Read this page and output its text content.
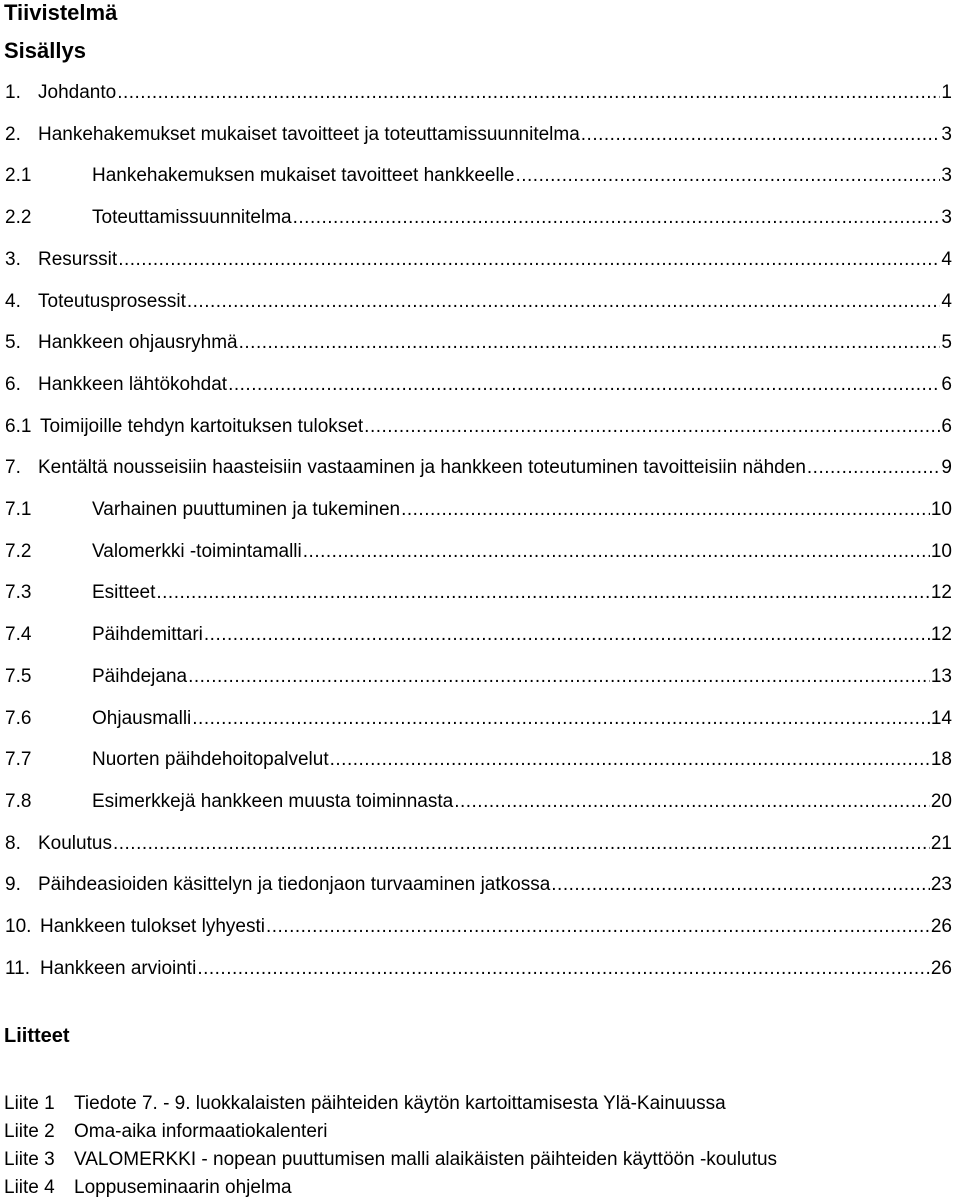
Tiivistelmä
Sisällys
1. Johdanto .....	1
2. Hankehakemukset mukaiset tavoitteet ja toteuttamissuunnitelma .....	3
2.1	Hankehakemuksen mukaiset tavoitteet hankkeelle .....	3
2.2	Toteuttamissuunnitelma .....	3
3. Resurssit .....	4
4. Toteutusprosessit .....	4
5. Hankkeen ohjausryhmä .....	5
6. Hankkeen lähtökohdat .....	6
6.1 Toimijoille tehdyn kartoituksen tulokset .....	6
7. Kentältä nousseisiin haasteisiin vastaaminen ja hankkeen toteutuminen tavoitteisiin nähden .....	9
7.1	Varhainen puuttuminen ja tukeminen .....	10
7.2	Valomerkki -toimintamalli .....	10
7.3	Esitteet .....	12
7.4	Päihdemittari .....	12
7.5	Päihdejana .....	13
7.6	Ohjausmalli .....	14
7.7	Nuorten päihdehoitopalvelut .....	18
7.8	Esimerkkejä hankkeen muusta toiminnasta .....	20
8. Koulutus .....	21
9. Päihdeasioiden käsittelyn ja tiedonjaon turvaaminen jatkossa .....	23
10. Hankkeen tulokset lyhyesti .....	26
11. Hankkeen arviointi .....	26
Liitteet
Liite 1 Tiedote 7. - 9. luokkalaisten päihteiden käytön kartoittamisesta Ylä-Kainuussa
Liite 2 Oma-aika informaatiokalenteri
Liite 3 VALOMERKKI - nopean puuttumisen malli alaikäisten päihteiden käyttöön -koulutus
Liite 4 Loppuseminaarin ohjelma
